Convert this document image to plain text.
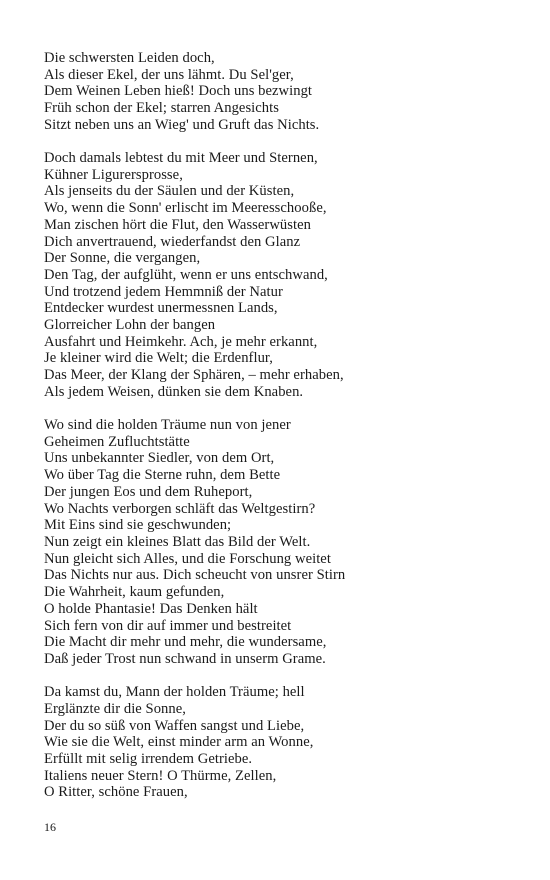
Die schwersten Leiden doch,
Als dieser Ekel, der uns lähmt. Du Sel'ger,
Dem Weinen Leben hieß! Doch uns bezwingt
Früh schon der Ekel; starren Angesichts
Sitzt neben uns an Wieg' und Gruft das Nichts.
Doch damals lebtest du mit Meer und Sternen,
Kühner Ligurersprosse,
Als jenseits du der Säulen und der Küsten,
Wo, wenn die Sonn' erlischt im Meeresschooße,
Man zischen hört die Flut, den Wasserwüsten
Dich anvertrauend, wiederfandst den Glanz
Der Sonne, die vergangen,
Den Tag, der aufglüht, wenn er uns entschwand,
Und trotzend jedem Hemmniß der Natur
Entdecker wurdest unermessnen Lands,
Glorreicher Lohn der bangen
Ausfahrt und Heimkehr. Ach, je mehr erkannt,
Je kleiner wird die Welt; die Erdenflur,
Das Meer, der Klang der Sphären, – mehr erhaben,
Als jedem Weisen, dünken sie dem Knaben.
Wo sind die holden Träume nun von jener
Geheimen Zufluchtstätte
Uns unbekannter Siedler, von dem Ort,
Wo über Tag die Sterne ruhn, dem Bette
Der jungen Eos und dem Ruheport,
Wo Nachts verborgen schläft das Weltgestirn?
Mit Eins sind sie geschwunden;
Nun zeigt ein kleines Blatt das Bild der Welt.
Nun gleicht sich Alles, und die Forschung weitet
Das Nichts nur aus. Dich scheucht von unsrer Stirn
Die Wahrheit, kaum gefunden,
O holde Phantasie! Das Denken hält
Sich fern von dir auf immer und bestreitet
Die Macht dir mehr und mehr, die wundersame,
Daß jeder Trost nun schwand in unserm Grame.
Da kamst du, Mann der holden Träume; hell
Erglänzte dir die Sonne,
Der du so süß von Waffen sangst und Liebe,
Wie sie die Welt, einst minder arm an Wonne,
Erfüllt mit selig irrendem Getriebe.
Italiens neuer Stern! O Thürme, Zellen,
O Ritter, schöne Frauen,
16
